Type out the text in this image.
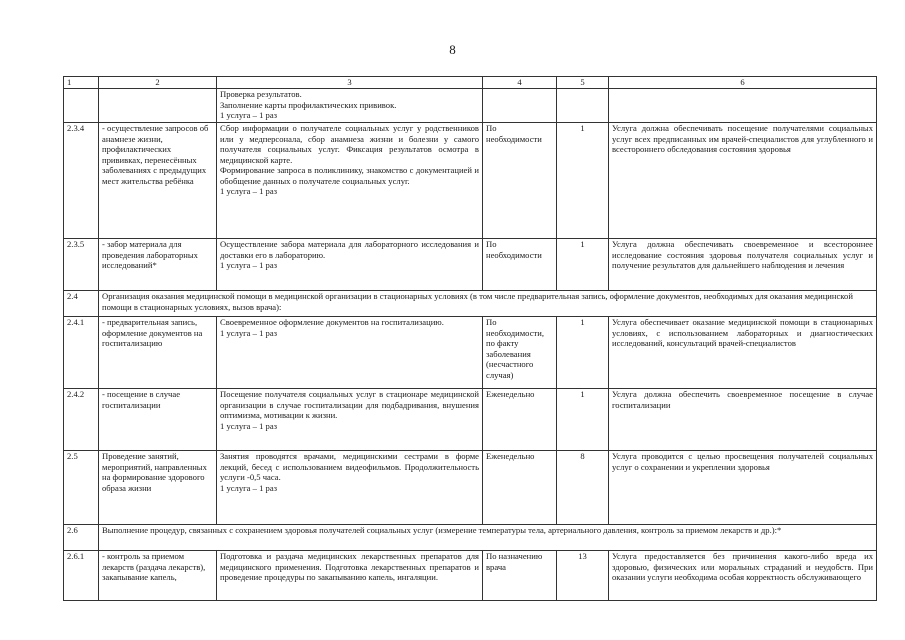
8
1	2	3	4	5	6

		Проверка результатов.
Заполнение карты профилактических прививок.
1 услуга – 1 раз			

2.3.4	- осуществление запросов об анамнезе жизни, профилактических прививках, перенесённых заболеваниях с предыдущих мест жительства ребёнка	Сбор информации о получателе социальных услуг у родственников или у медперсонала, сбор анамнеза жизни и болезни у самого получателя социальных услуг. Фиксация результатов осмотра в медицинской карте.
Формирование запроса в поликлинику, знакомство с документацией и обобщение данных о получателе социальных услуг.
1 услуга – 1 раз	По необходимости	1	Услуга должна обеспечивать посещение получателями социальных услуг всех предписанных им врачей-специалистов для углубленного и всестороннего обследования состояния здоровья
2.3.5	- забор материала для проведения лабораторных исследований*	Осуществление забора материала для лабораторного исследования и доставки его в лабораторию.
1 услуга – 1 раз	По необходимости	1	Услуга должна обеспечивать своевременное и всестороннее исследование состояния здоровья получателя социальных услуг и получение результатов для дальнейшего наблюдения и лечения
2.4	Организация оказания медицинской помощи в медицинской организации в стационарных условиях (в том числе предварительная запись, оформление документов, необходимых для оказания медицинской помощи в стационарных условиях, вызов врача):				
2.4.1	- предварительная запись, оформление документов на госпитализацию	Своевременное оформление документов на госпитализацию.
1 услуга – 1 раз	По необходимости, по факту заболевания (несчастного случая)	1	Услуга обеспечивает оказание медицинской помощи в стационарных условиях, с использованием лабораторных и диагностических исследований, консультаций врачей-специалистов
2.4.2	- посещение в случае госпитализации	Посещение получателя социальных услуг в стационаре медицинской организации в случае госпитализации для подбадривания, внушения оптимизма, мотивации к жизни.
1 услуга – 1 раз	Еженедельно	1	Услуга должна обеспечить своевременное посещение в случае госпитализации
2.5	Проведение занятий, мероприятий, направленных на формирование здорового образа жизни	Занятия проводятся врачами, медицинскими сестрами в форме лекций, бесед с использованием видеофильмов. Продолжительность услуги -0,5 часа.
1 услуга – 1 раз	Еженедельно	8	Услуга проводится с целью просвещения получателей социальных услуг о сохранении и укреплении здоровья
2.6	Выполнение процедур, связанных с сохранением здоровья получателей социальных услуг (измерение температуры тела, артериального давления, контроль за приемом лекарств и др.):*				
2.6.1	- контроль за приемом лекарств (раздача лекарств), закапывание капель,	Подготовка и раздача медицинских лекарственных препаратов для медицинского применения. Подготовка лекарственных препаратов и проведение процедуры по закапыванию капель, ингаляции.	По назначению врача	13	Услуга предоставляется без причинения какого-либо вреда их здоровью, физических или моральных страданий и неудобств. При оказании услуги необходима особая корректность обслуживающего
